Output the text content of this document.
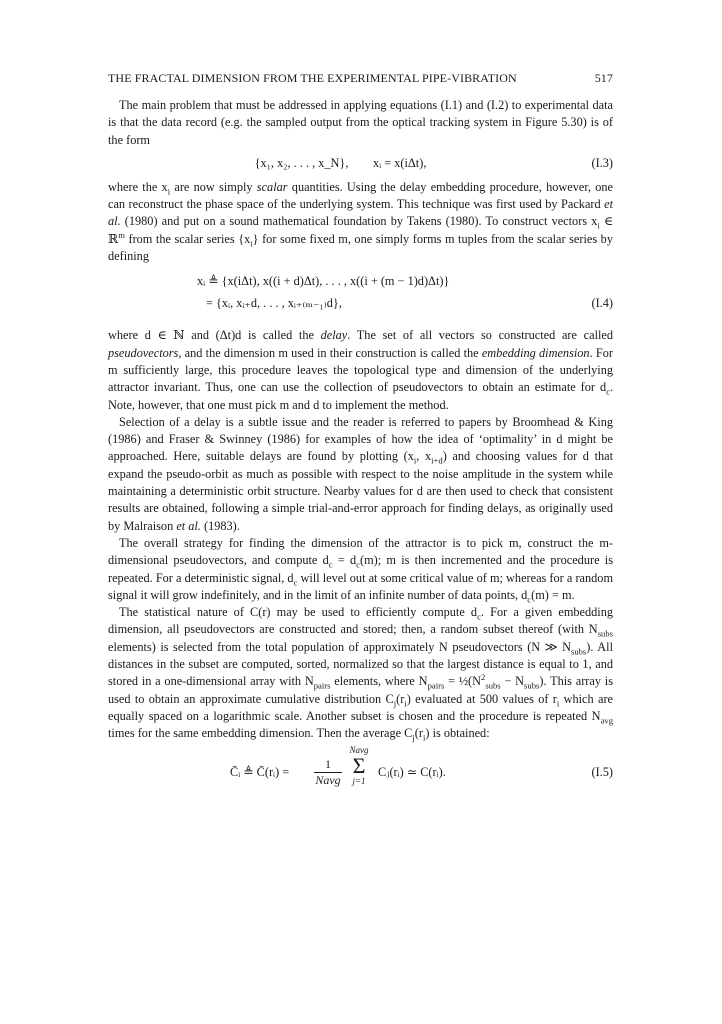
THE FRACTAL DIMENSION FROM THE EXPERIMENTAL PIPE-VIBRATION	517

The main problem that must be addressed in applying equations (I.1) and (I.2) to experimental data is that the data record (e.g. the sampled output from the optical tracking system in Figure 5.30) is of the form

{x₁, x₂, . . . , x_N}, xᵢ = x(iΔt),	(I.3)

where the $x_i$ are now simply scalar quantities. Using the delay embedding procedure, however, one can reconstruct the phase space of the underlying system. This technique was first used by Packard et al. (1980) and put on a sound mathematical foundation by Takens (1980). To construct vectors $x_i$ ∈ ℝ$^m$ from the scalar series $\{x_i\}$ for some fixed m, one simply forms m tuples from the scalar series by defining

xᵢ ≜ {x(iΔt), x((i + d)Δt), . . . , x((i + (m − 1)d)Δt)}
= {xᵢ, xᵢ₊d, . . . , xᵢ₊₍ₘ₋₁₎d},	(I.4)

where d ∈ ℕ and (Δt)d is called the delay. The set of all vectors so constructed are called pseudovectors, and the dimension m used in their construction is called the embedding dimension. For m sufficiently large, this procedure leaves the topological type and dimension of the underlying attractor invariant. Thus, one can use the collection of pseudovectors to obtain an estimate for $d_c$. Note, however, that one must pick m and d to implement the method.

Selection of a delay is a subtle issue and the reader is referred to papers by Broomhead & King (1986) and Fraser & Swinney (1986) for examples of how the idea of ‘optimality’ in d might be approached. Here, suitable delays are found by plotting ($x_i$, $x_{i+d}$) and choosing values for d that expand the pseudo-orbit as much as possible with respect to the noise amplitude in the system while maintaining a deterministic orbit structure. Nearby values for d are then used to check that consistent results are obtained, following a simple trial-and-error approach for finding delays, as originally used by Malraison et al. (1983).

The overall strategy for finding the dimension of the attractor is to pick m, construct the m-dimensional pseudovectors, and compute $d_c = d_c(m)$; m is then incremented and the procedure is repeated. For a deterministic signal, $d_c$ will level out at some critical value of m; whereas for a random signal it will grow indefinitely, and in the limit of an infinite number of data points, $d_c(m) = m$.

The statistical nature of C(r) may be used to efficiently compute $d_c$. For a given embedding dimension, all pseudovectors are constructed and stored; then, a random subset thereof (with $N_{subs}$ elements) is selected from the total population of approximately N pseudovectors (N ≫ $N_{subs}$). All distances in the subset are computed, sorted, normalized so that the largest distance is equal to 1, and stored in a one-dimensional array with $N_{pairs}$ elements, where $N_{pairs}$ = $\frac{1}{2}(N^2_{subs} - N_{subs})$. This array is used to obtain an approximate cumulative distribution $C_j(r_i)$ evaluated at 500 values of $r_i$ which are equally spaced on a logarithmic scale. Another subset is chosen and the procedure is repeated $N_{avg}$ times for the same embedding dimension. Then the average $C_j(r_i)$ is obtained:

C̄ᵢ ≜ C̄(rᵢ) =
1
Navg
Navg
Σ
j=1
Cⱼ(rᵢ) ≃ C(rᵢ).	(I.5)
